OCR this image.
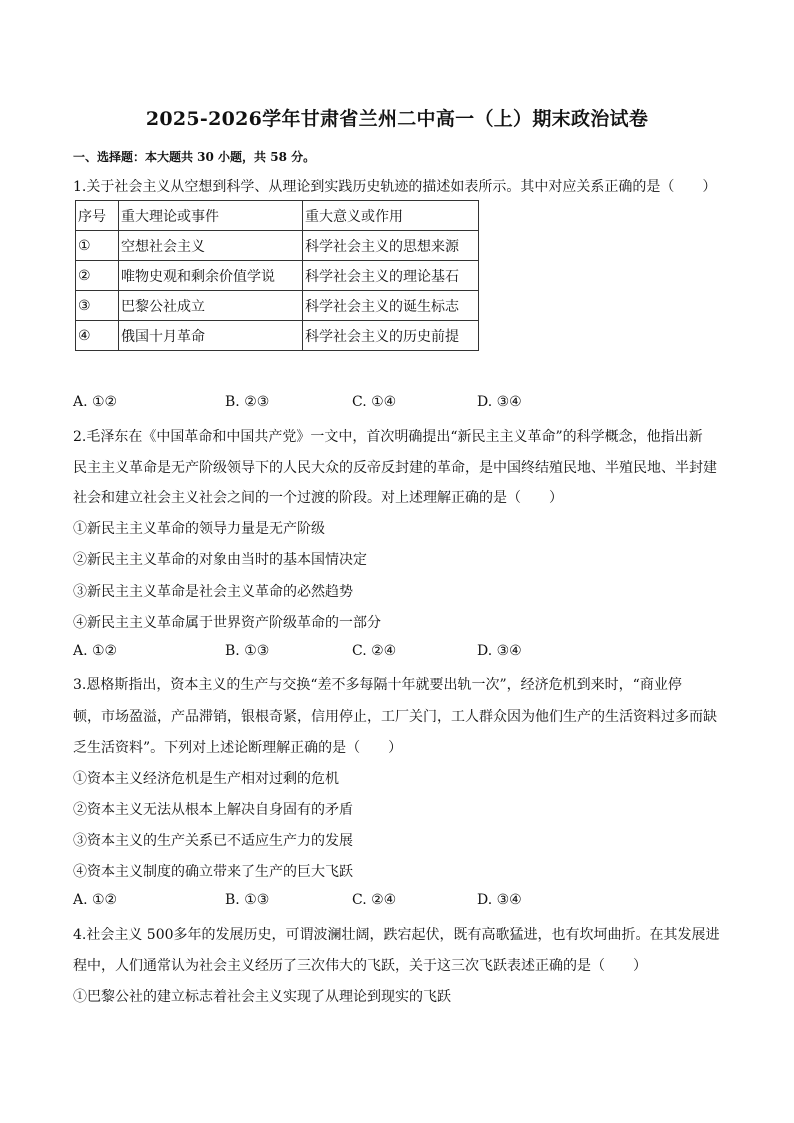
2025-2026学年甘肃省兰州二中高一（上）期末政治试卷
一、选择题：本大题共 30 小题，共 58 分。
1.关于社会主义从空想到科学、从理论到实践历史轨迹的描述如表所示。其中对应关系正确的是（　　）
序号	重大理论或事件	重大意义或作用
①	空想社会主义	科学社会主义的思想来源
②	唯物史观和剩余价值学说	科学社会主义的理论基石
③	巴黎公社成立	科学社会主义的诞生标志
④	俄国十月革命	科学社会主义的历史前提
A. ①②	B. ②③	C. ①④	D. ③④
2.毛泽东在《中国革命和中国共产党》一文中，首次明确提出“新民主主义革命”的科学概念，他指出新
民主主义革命是无产阶级领导下的人民大众的反帝反封建的革命，是中国终结殖民地、半殖民地、半封建
社会和建立社会主义社会之间的一个过渡的阶段。对上述理解正确的是（　　）
①新民主主义革命的领导力量是无产阶级
②新民主主义革命的对象由当时的基本国情决定
③新民主主义革命是社会主义革命的必然趋势
④新民主主义革命属于世界资产阶级革命的一部分
A. ①②	B. ①③	C. ②④	D. ③④
3.恩格斯指出，资本主义的生产与交换“差不多每隔十年就要出轨一次”，经济危机到来时，“商业停
顿，市场盈溢，产品滞销，银根奇紧，信用停止，工厂关门，工人群众因为他们生产的生活资料过多而缺
乏生活资料”。下列对上述论断理解正确的是（　　）
①资本主义经济危机是生产相对过剩的危机
②资本主义无法从根本上解决自身固有的矛盾
③资本主义的生产关系已不适应生产力的发展
④资本主义制度的确立带来了生产的巨大飞跃
A. ①②	B. ①③	C. ②④	D. ③④
4.社会主义 500多年的发展历史，可谓波澜壮阔，跌宕起伏，既有高歌猛进，也有坎坷曲折。在其发展进
程中，人们通常认为社会主义经历了三次伟大的飞跃，关于这三次飞跃表述正确的是（　　）
①巴黎公社的建立标志着社会主义实现了从理论到现实的飞跃
